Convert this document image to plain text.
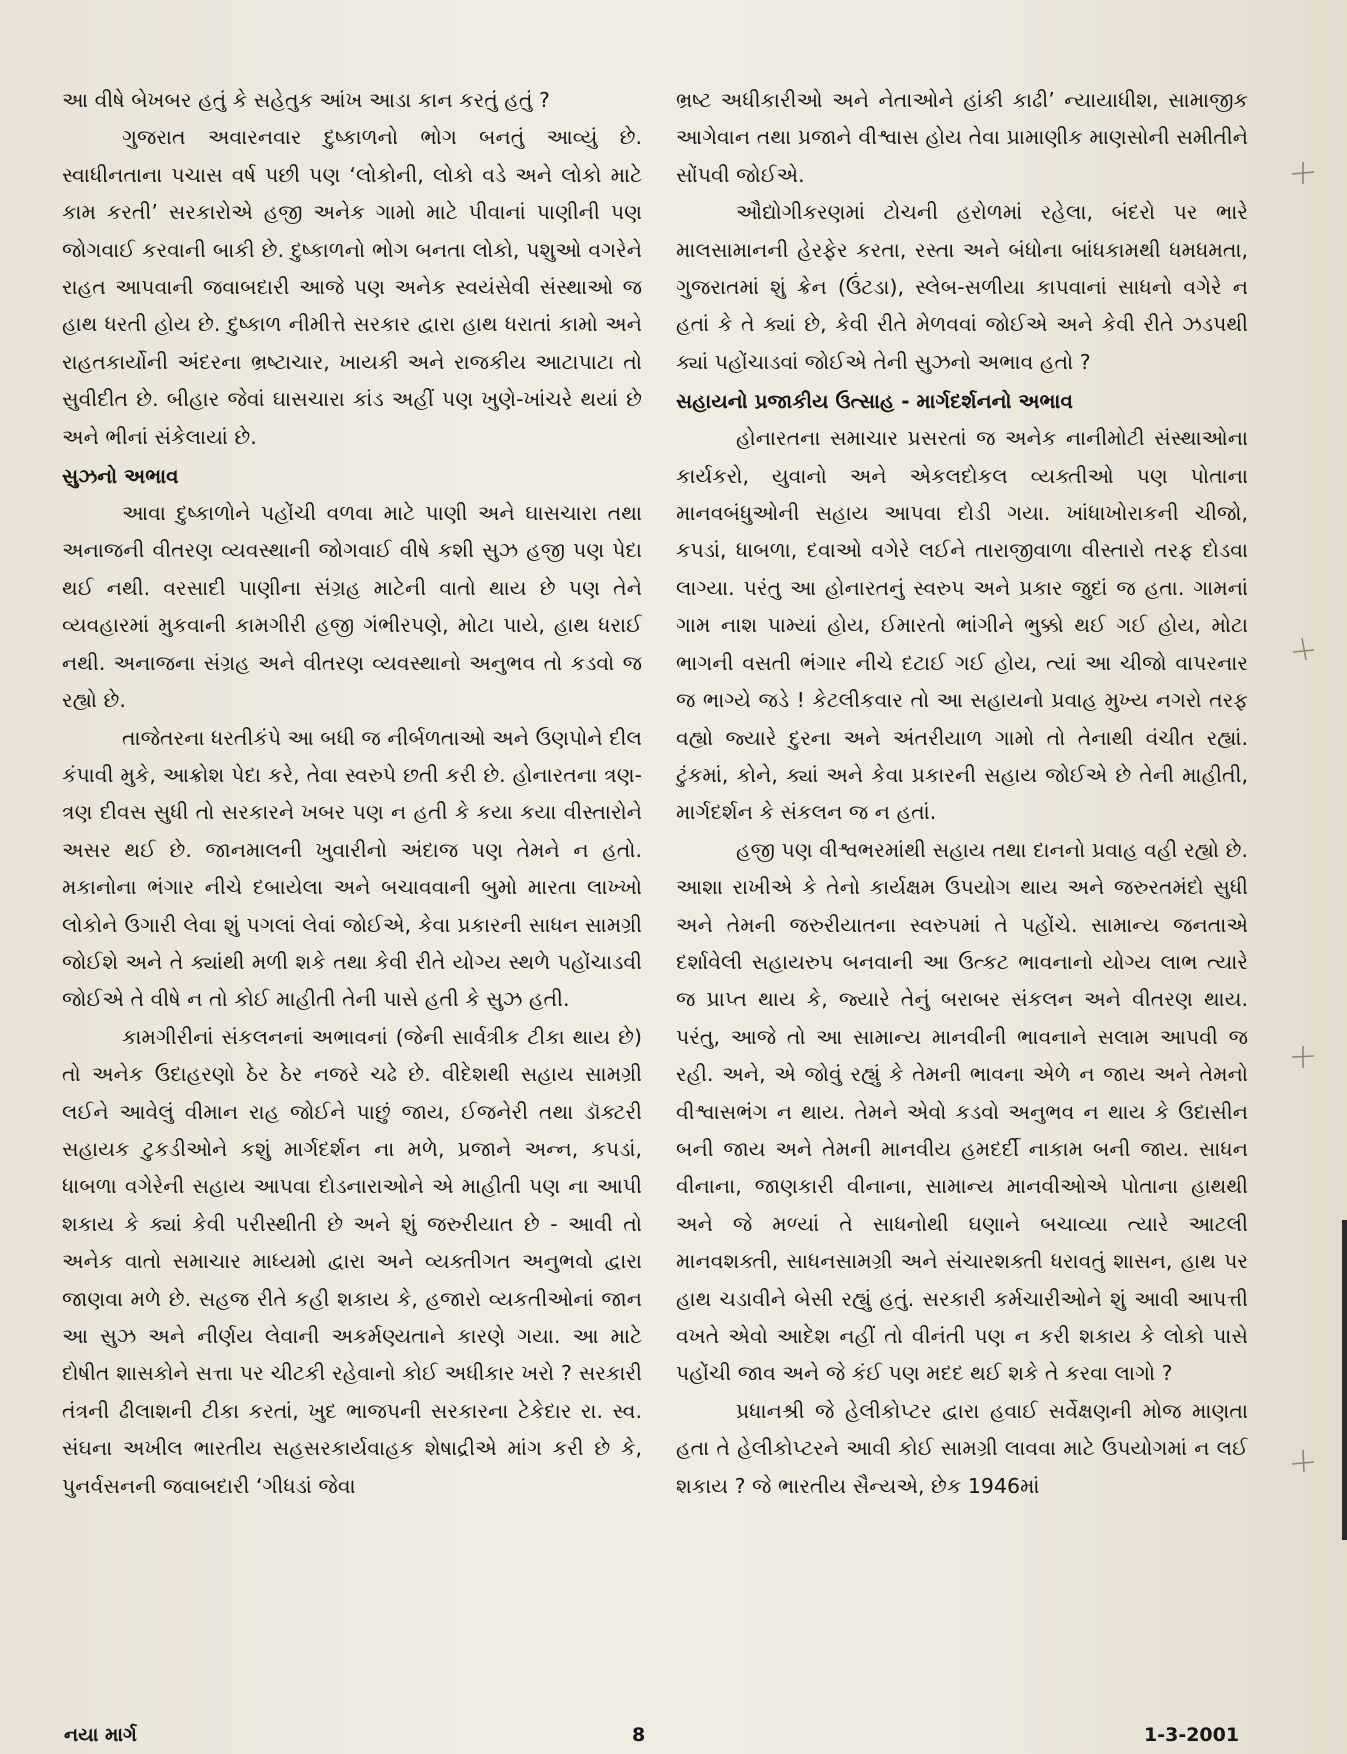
આ વીષે બેખબર હતું કે સહેતુક આંખ આડા કાન કરતું હતું ?

ગુજરાત અવારનવાર દુષ્કાળનો ભોગ બનતું આવ્યું છે. સ્વાધીનતાના પચાસ વર્ષ પછી પણ ‘લોકોની, લોકો વડે અને લોકો માટે કામ કરતી’ સરકારોએ હજી અનેક ગામો માટે પીવાનાં પાણીની પણ જોગવાઈ કરવાની બાકી છે. દુષ્કાળનો ભોગ બનતા લોકો, પશુઓ વગરેને રાહત આપવાની જવાબદારી આજે પણ અનેક સ્વયંસેવી સંસ્થાઓ જ હાથ ધરતી હોય છે. દુષ્કાળ નીમીત્તે સરકાર દ્વારા હાથ ધરાતાં કામો અને રાહતકાર્યોની અંદરના ભ્રષ્ટાચાર, ખાયકી અને રાજકીય આટાપાટા તો સુવીદીત છે. બીહાર જેવાં ઘાસચારા કાંડ અહીં પણ ખુણે-ખાંચરે થયાં છે અને ભીનાં સંકેલાયાં છે.

સુઝનો અભાવ

આવા દુષ્કાળોને પહોંચી વળવા માટે પાણી અને ઘાસચારા તથા અનાજની વીતરણ વ્યવસ્થાની જોગવાઈ વીષે કશી સુઝ હજી પણ પેદા થઈ નથી. વરસાદી પાણીના સંગ્રહ માટેની વાતો થાય છે પણ તેને વ્યવહારમાં મુકવાની કામગીરી હજી ગંભીરપણે, મોટા પાયે, હાથ ધરાઈ નથી. અનાજના સંગ્રહ અને વીતરણ વ્યવસ્થાનો અનુભવ તો કડવો જ રહ્યો છે.

તાજેતરના ધરતીકંપે આ બધી જ નીર્બળતાઓ અને ઉણપોને દીલ કંપાવી મુકે, આક્રોશ પેદા કરે, તેવા સ્વરુપે છતી કરી છે. હોનારતના ત્રણ-ત્રણ દીવસ સુધી તો સરકારને ખબર પણ ન હતી કે કયા કયા વીસ્તારોને અસર થઈ છે. જાનમાલની ખુવારીનો અંદાજ પણ તેમને ન હતો. મકાનોના ભંગાર નીચે દબાયેલા અને બચાવવાની બુમો મારતા લાખ્ખો લોકોને ઉગારી લેવા શું પગલાં લેવાં જોઈએ, કેવા પ્રકારની સાધન સામગ્રી જોઈશે અને તે ક્યાંથી મળી શકે તથા કેવી રીતે યોગ્ય સ્થળે પહોંચાડવી જોઈએ તે વીષે ન તો કોઈ માહીતી તેની પાસે હતી કે સુઝ હતી.

કામગીરીનાં સંકલનનાં અભાવનાં (જેની સાર્વત્રીક ટીકા થાય છે) તો અનેક ઉદાહરણો ઠેર ઠેર નજરે ચઢે છે. વીદેશથી સહાય સામગ્રી લઈને આવેલું વીમાન રાહ જોઈને પાછું જાય, ઈજનેરી તથા ડૉક્ટરી સહાયક ટુકડીઓને કશું માર્ગદર્શન ના મળે, પ્રજાને અન્ન, કપડાં, ધાબળા વગેરેની સહાય આપવા દોડનારાઓને એ માહીતી પણ ના આપી શકાય કે ક્યાં કેવી પરીસ્થીતી છે અને શું જરુરીયાત છે - આવી તો અનેક વાતો સમાચાર માધ્યમો દ્વારા અને વ્યક્તીગત અનુભવો દ્વારા જાણવા મળે છે. સહજ રીતે કહી શકાય કે, હજારો વ્યકતીઓનાં જાન આ સુઝ અને નીર્ણય લેવાની અકર્મણ્યતાને કારણે ગયા. આ માટે દોષીત શાસકોને સત્તા પર ચીટકી રહેવાનો કોઈ અધીકાર ખરો ? સરકારી તંત્રની ઢીલાશની ટીકા કરતાં, ખુદ ભાજપની સરકારના ટેકેદાર રા. સ્વ. સંઘના અખીલ ભારતીય સહસરકાર્યવાહક શેષાદ્રીએ માંગ કરી છે કે, પુનર્વસનની જવાબદારી ‘ગીધડાં જેવા

ભ્રષ્ટ અધીકારીઓ અને નેતાઓને હાંકી કાઢી’ ન્યાયાધીશ, સામાજીક આગેવાન તથા પ્રજાને વીશ્વાસ હોય તેવા પ્રામાણીક માણસોની સમીતીને સોંપવી જોઈએ.

ઔદ્યોગીકરણમાં ટોચની હરોળમાં રહેલા, બંદરો પર ભારે માલસામાનની હેરફેર કરતા, રસ્તા અને બંધોના બાંધકામથી ધમધમતા, ગુજરાતમાં શું ક્રેન (ઉંટડા), સ્લેબ-સળીયા કાપવાનાં સાધનો વગેરે ન હતાં કે તે ક્યાં છે, કેવી રીતે મેળવવાં જોઈએ અને કેવી રીતે ઝડપથી ક્યાં પહોંચાડવાં જોઈએ તેની સુઝનો અભાવ હતો ?

સહાયનો પ્રજાકીય ઉત્સાહ - માર્ગદર્શનનો અભાવ

હોનારતના સમાચાર પ્રસરતાં જ અનેક નાનીમોટી સંસ્થાઓના કાર્યકરો, યુવાનો અને એકલદોકલ વ્યક્તીઓ પણ પોતાના માનવબંધુઓની સહાય આપવા દોડી ગયા. ખાંધાખોરાકની ચીજો, કપડાં, ધાબળા, દવાઓ વગેરે લઈને તારાજીવાળા વીસ્તારો તરફ દોડવા લાગ્યા. પરંતુ આ હોનારતનું સ્વરુપ અને પ્રકાર જુદાં જ હતા. ગામનાં ગામ નાશ પામ્યાં હોય, ઈમારતો ભાંગીને ભુક્કો થઈ ગઈ હોય, મોટા ભાગની વસતી ભંગાર નીચે દટાઈ ગઈ હોય, ત્યાં આ ચીજો વાપરનાર જ ભાગ્યે જડે ! કેટલીકવાર તો આ સહાયનો પ્રવાહ મુખ્ય નગરો તરફ વહ્યો જ્યારે દુરના અને અંતરીયાળ ગામો તો તેનાથી વંચીત રહ્યાં. ટુંકમાં, કોને, ક્યાં અને કેવા પ્રકારની સહાય જોઈએ છે તેની માહીતી, માર્ગદર્શન કે સંકલન જ ન હતાં.

હજી પણ વીશ્વભરમાંથી સહાય તથા દાનનો પ્રવાહ વહી રહ્યો છે. આશા રાખીએ કે તેનો કાર્યક્ષમ ઉપયોગ થાય અને જરુરતમંદો સુધી અને તેમની જરુરીયાતના સ્વરુપમાં તે પહોંચે. સામાન્ય જનતાએ દર્શાવેલી સહાયરુપ બનવાની આ ઉત્કટ ભાવનાનો યોગ્ય લાભ ત્યારે જ પ્રાપ્ત થાય કે, જ્યારે તેનું બરાબર સંકલન અને વીતરણ થાય. પરંતુ, આજે તો આ સામાન્ય માનવીની ભાવનાને સલામ આપવી જ રહી. અને, એ જોવું રહ્યું કે તેમની ભાવના એળે ન જાય અને તેમનો વીશ્વાસભંગ ન થાય. તેમને એવો કડવો અનુભવ ન થાય કે ઉદાસીન બની જાય અને તેમની માનવીય હમદર્દી નાકામ બની જાય. સાધન વીનાના, જાણકારી વીનાના, સામાન્ય માનવીઓએ પોતાના હાથથી અને જે મળ્યાં તે સાધનોથી ઘણાને બચાવ્યા ત્યારે આટલી માનવશક્તી, સાધનસામગ્રી અને સંચારશક્તી ધરાવતું શાસન, હાથ પર હાથ ચડાવીને બેસી રહ્યું હતું. સરકારી કર્મચારીઓને શું આવી આપત્તી વખતે એવો આદેશ નહીં તો વીનંતી પણ ન કરી શકાય કે લોકો પાસે પહોંચી જાવ અને જે કંઈ પણ મદદ થઈ શકે તે કરવા લાગો ?

પ્રધાનશ્રી જે હેલીકોપ્ટર દ્વારા હવાઈ સર્વેક્ષણની મોજ માણતા હતા તે હેલીકોપ્ટરને આવી કોઈ સામગ્રી લાવવા માટે ઉપયોગમાં ન લઈ શકાય ? જે ભારતીય સૈન્યએ, છેક 1946માં

નયા માર્ગ	8	1-3-2001
